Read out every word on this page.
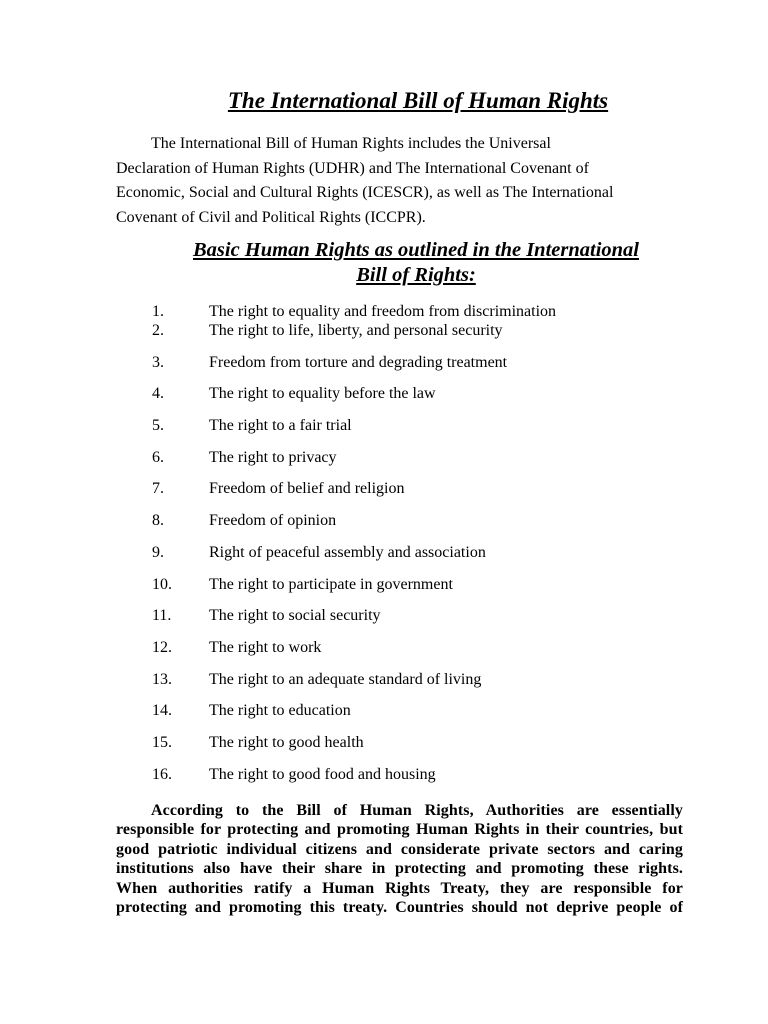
The International Bill of Human Rights

The International Bill of Human Rights includes the Universal
Declaration of Human Rights (UDHR) and The International Covenant of
Economic, Social and Cultural Rights (ICESCR), as well as The International
Covenant of Civil and Political Rights (ICCPR).

Basic Human Rights as outlined in the International
Bill of Rights:
1.	The right to equality and freedom from discrimination
2.	The right to life, liberty, and personal security
3.	Freedom from torture and degrading treatment
4.	The right to equality before the law
5.	The right to a fair trial
6.	The right to privacy
7.	Freedom of belief and religion
8.	Freedom of opinion
9.	Right of peaceful assembly and association
10. The right to participate in government
11. The right to social security
12. The right to work
13. The right to an adequate standard of living
14. The right to education
15. The right to good health
16. The right to good food and housing

According to the Bill of Human Rights, Authorities are essentially
responsible for protecting and promoting Human Rights in their countries, but
good patriotic individual citizens and considerate private sectors and caring
institutions also have their share in protecting and promoting these rights.
When authorities ratify a Human Rights Treaty, they are responsible for
protecting and promoting this treaty. Countries should not deprive people of
